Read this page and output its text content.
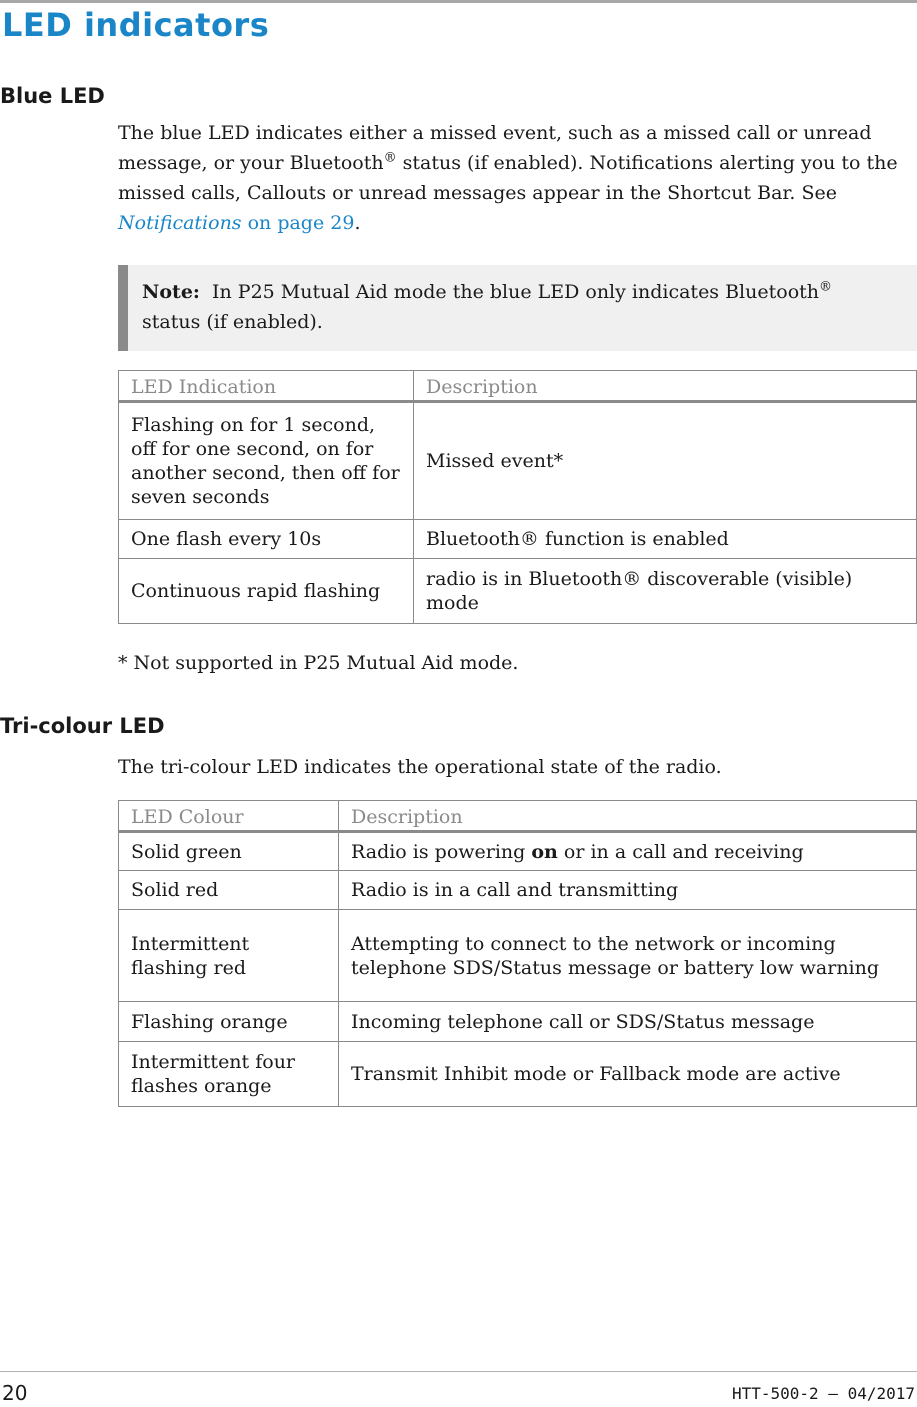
LED indicators
Blue LED

The blue LED indicates either a missed event, such as a missed call or unread message, or your Bluetooth® status (if enabled). Notifications alerting you to the missed calls, Callouts or unread messages appear in the Shortcut Bar. See Notifications on page 29.

Note: In P25 Mutual Aid mode the blue LED only indicates Bluetooth®
status (if enabled).

LED Indication	Description
Flashing on for 1 second, off for one second, on for another second, then off for seven seconds	Missed event*
One flash every 10s	Bluetooth® function is enabled
Continuous rapid flashing	radio is in Bluetooth® discoverable (visible) mode

* Not supported in P25 Mutual Aid mode.

Tri-colour LED

The tri-colour LED indicates the operational state of the radio.

LED Colour	Description
Solid green	Radio is powering on or in a call and receiving
Solid red	Radio is in a call and transmitting
Intermittent flashing red	Attempting to connect to the network or incoming telephone SDS/Status message or battery low warning
Flashing orange	Incoming telephone call or SDS/Status message
Intermittent four flashes orange	Transmit Inhibit mode or Fallback mode are active
20	HTT-500-2 – 04/2017
